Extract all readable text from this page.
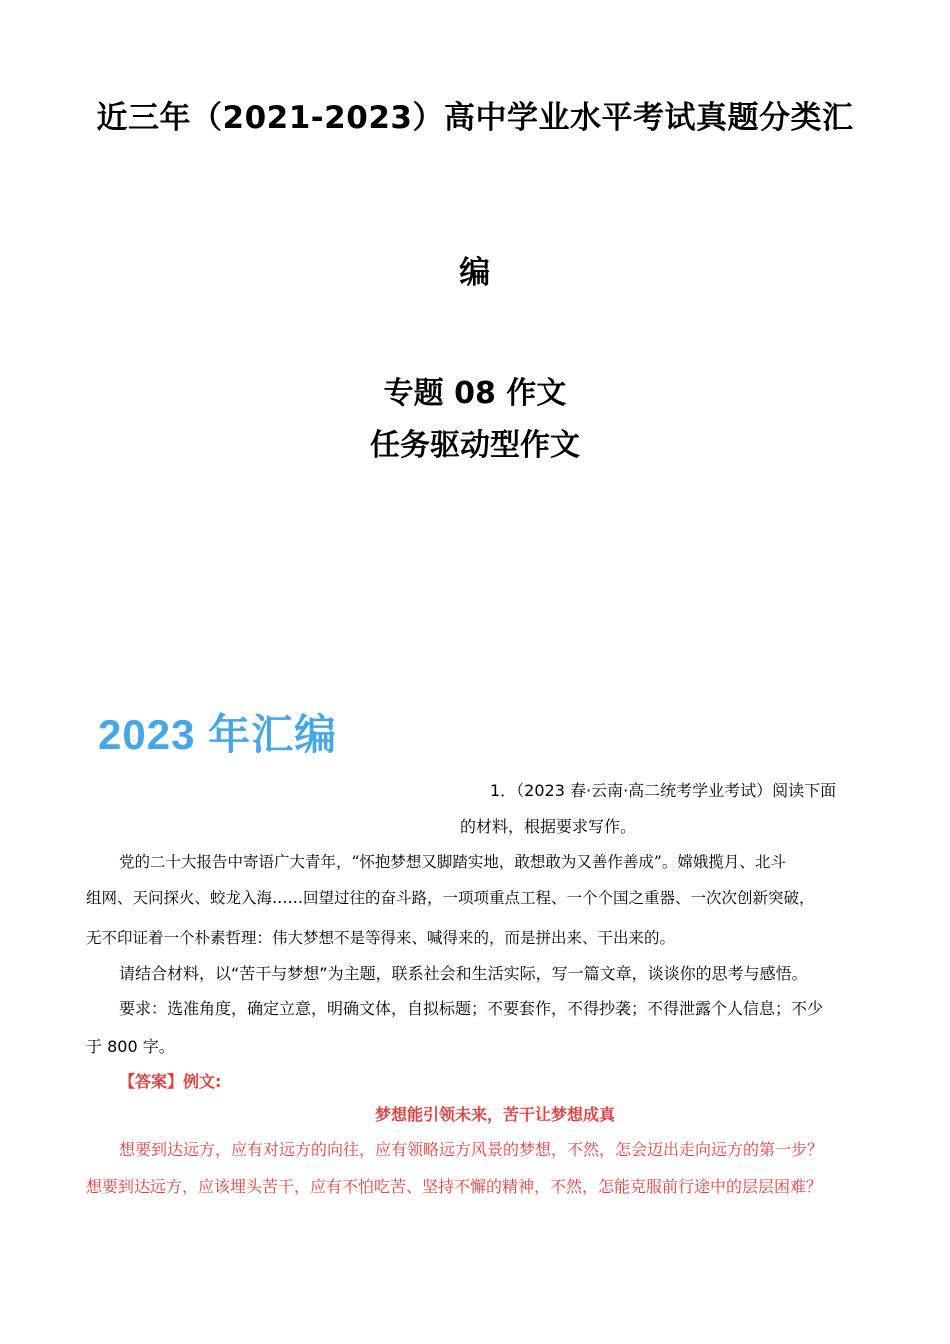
近三年（2021-2023）高中学业水平考试真题分类汇
编
专题 08 作文
任务驱动型作文
2023 年汇编
1．（2023 春·云南·高二统考学业考试）阅读下面
的材料，根据要求写作。
党的二十大报告中寄语广大青年，“怀抱梦想又脚踏实地，敢想敢为又善作善成”。嫦娥揽月、北斗
组网、天问探火、蛟龙入海……回望过往的奋斗路，一项项重点工程、一个个国之重器、一次次创新突破，
无不印证着一个朴素哲理：伟大梦想不是等得来、喊得来的，而是拼出来、干出来的。
请结合材料，以“苦干与梦想”为主题，联系社会和生活实际，写一篇文章，谈谈你的思考与感悟。
要求：选准角度，确定立意，明确文体，自拟标题；不要套作，不得抄袭；不得泄露个人信息；不少
于 800 字。
【答案】例文:
梦想能引领未来，苦干让梦想成真
想要到达远方，应有对远方的向往，应有领略远方风景的梦想，不然，怎会迈出走向远方的第一步？
想要到达远方，应该埋头苦干，应有不怕吃苦、坚持不懈的精神，不然，怎能克服前行途中的层层困难？
